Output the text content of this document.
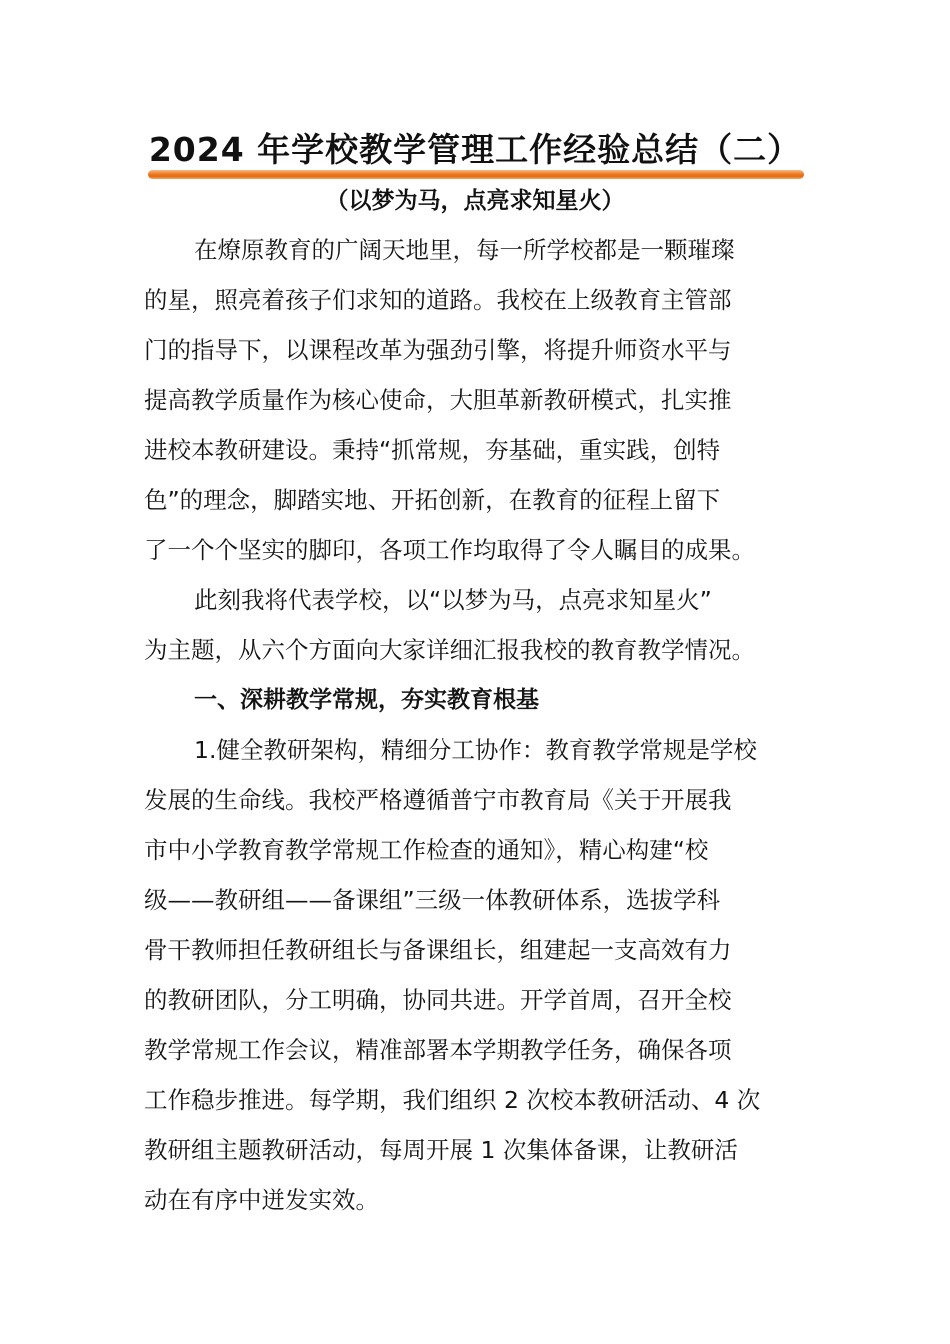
2024 年学校教学管理工作经验总结（二）
（以梦为马，点亮求知星火）
在燎原教育的广阔天地里，每一所学校都是一颗璀璨
的星，照亮着孩子们求知的道路。我校在上级教育主管部
门的指导下，以课程改革为强劲引擎，将提升师资水平与
提高教学质量作为核心使命，大胆革新教研模式，扎实推
进校本教研建设。秉持“抓常规，夯基础，重实践，创特
色”的理念，脚踏实地、开拓创新，在教育的征程上留下
了一个个坚实的脚印，各项工作均取得了令人瞩目的成果。
此刻我将代表学校，以“以梦为马，点亮求知星火”
为主题，从六个方面向大家详细汇报我校的教育教学情况。
一、深耕教学常规，夯实教育根基
1.健全教研架构，精细分工协作：教育教学常规是学校
发展的生命线。我校严格遵循普宁市教育局《关于开展我
市中小学教育教学常规工作检查的通知》，精心构建“校
级——教研组——备课组”三级一体教研体系，选拔学科
骨干教师担任教研组长与备课组长，组建起一支高效有力
的教研团队，分工明确，协同共进。开学首周，召开全校
教学常规工作会议，精准部署本学期教学任务，确保各项
工作稳步推进。每学期，我们组织 2 次校本教研活动、4 次
教研组主题教研活动，每周开展 1 次集体备课，让教研活
动在有序中迸发实效。
